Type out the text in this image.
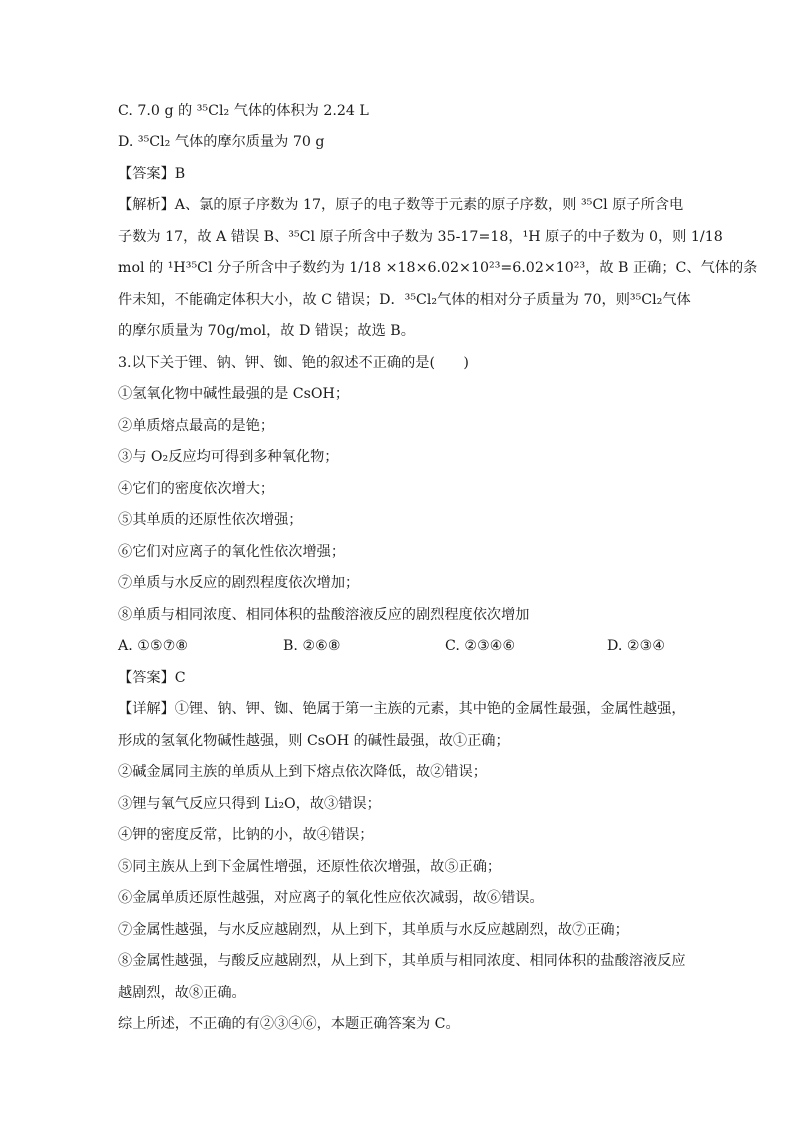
C. 7.0 g 的 ³⁵Cl₂ 气体的体积为 2.24 L
D. ³⁵Cl₂ 气体的摩尔质量为 70 g
【答案】B
【解析】A、氯的原子序数为 17，原子的电子数等于元素的原子序数，则 ³⁵Cl 原子所含电
子数为 17，故 A 错误 B、³⁵Cl 原子所含中子数为 35-17=18，¹H 原子的中子数为 0，则 1/18
mol 的 ¹H³⁵Cl 分子所含中子数约为 1/18 ×18×6.02×10²³=6.02×10²³，故 B 正确；C、气体的条
件未知，不能确定体积大小，故 C 错误；D．³⁵Cl₂气体的相对分子质量为 70，则³⁵Cl₂气体
的摩尔质量为 70g/mol，故 D 错误；故选 B。
3.以下关于锂、钠、钾、铷、铯的叙述不正确的是(　　)
①氢氧化物中碱性最强的是 CsOH；
②单质熔点最高的是铯；
③与 O₂反应均可得到多种氧化物；
④它们的密度依次增大；
⑤其单质的还原性依次增强；
⑥它们对应离子的氧化性依次增强；
⑦单质与水反应的剧烈程度依次增加；
⑧单质与相同浓度、相同体积的盐酸溶液反应的剧烈程度依次增加
A. ①⑤⑦⑧	B. ②⑥⑧	C. ②③④⑥	D. ②③④
【答案】C
【详解】①锂、钠、钾、铷、铯属于第一主族的元素，其中铯的金属性最强，金属性越强，
形成的氢氧化物碱性越强，则 CsOH 的碱性最强，故①正确；
②碱金属同主族的单质从上到下熔点依次降低，故②错误；
③锂与氧气反应只得到 Li₂O，故③错误；
④钾的密度反常，比钠的小，故④错误；
⑤同主族从上到下金属性增强，还原性依次增强，故⑤正确；
⑥金属单质还原性越强，对应离子的氧化性应依次减弱，故⑥错误。
⑦金属性越强，与水反应越剧烈，从上到下，其单质与水反应越剧烈，故⑦正确；
⑧金属性越强，与酸反应越剧烈，从上到下，其单质与相同浓度、相同体积的盐酸溶液反应
越剧烈，故⑧正确。
综上所述，不正确的有②③④⑥，本题正确答案为 C。
